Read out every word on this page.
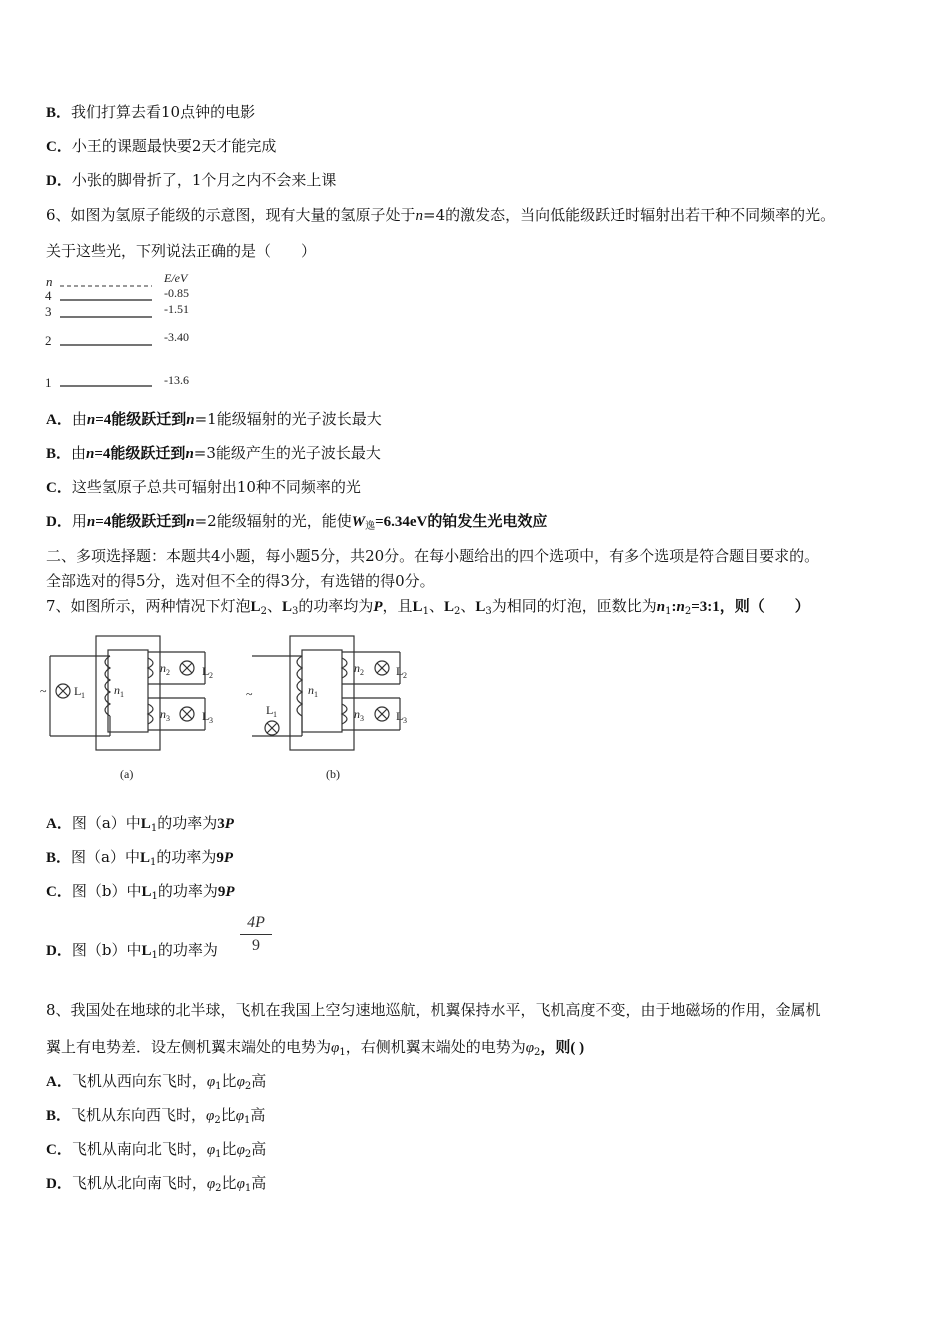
B．我们打算去看10点钟的电影
C．小王的课题最快要2天才能完成
D．小张的脚骨折了，1个月之内不会来上课
6、如图为氢原子能级的示意图，现有大量的氢原子处于n=4的激发态，当向低能级跃迁时辐射出若干种不同频率的光。
关于这些光，下列说法正确的是（　　）
n	E/eV
4	-0.85
3	-1.51
2	-3.40
1	-13.6
A．由n=4能级跃迁到n=1能级辐射的光子波长最大
B．由n=4能级跃迁到n=3能级产生的光子波长最大
C．这些氢原子总共可辐射出10种不同频率的光
D．用n=4能级跃迁到n=2能级辐射的光，能使$W_逸=6.34eV$的铂发生光电效应
二、多项选择题：本题共4小题，每小题5分，共20分。在每小题给出的四个选项中，有多个选项是符合题目要求的。
全部选对的得5分，选对但不全的得3分，有选错的得0分。
7、如图所示，两种情况下灯泡$L_2$、$L_3$的功率均为P，且$L_1$、$L_2$、$L_3$为相同的灯泡，匝数比为$n_1:n_2=3:1$，则（　　）
~ L 1 n 1
n 2	L 2
n 3	L 3
(a)
~
L 1
n 1
n 2	L 2
n 3	L 3
(b)
A．图（a）中$L_1$的功率为3P
B．图（a）中$L_1$的功率为9P
C．图（b）中$L_1$的功率为9P
D．图（b）中$L_1$的功率为 $\frac{4P}{9}$
8、我国处在地球的北半球，飞机在我国上空匀速地巡航，机翼保持水平，飞机高度不变，由于地磁场的作用，金属机
翼上有电势差．设左侧机翼末端处的电势为$\varphi_1$，右侧机翼末端处的电势为$\varphi_2$，则( )
A．飞机从西向东飞时，$\varphi_1$比$\varphi_2$高
B．飞机从东向西飞时，$\varphi_2$比$\varphi_1$高
C．飞机从南向北飞时，$\varphi_1$比$\varphi_2$高
D．飞机从北向南飞时，$\varphi_2$比$\varphi_1$高
